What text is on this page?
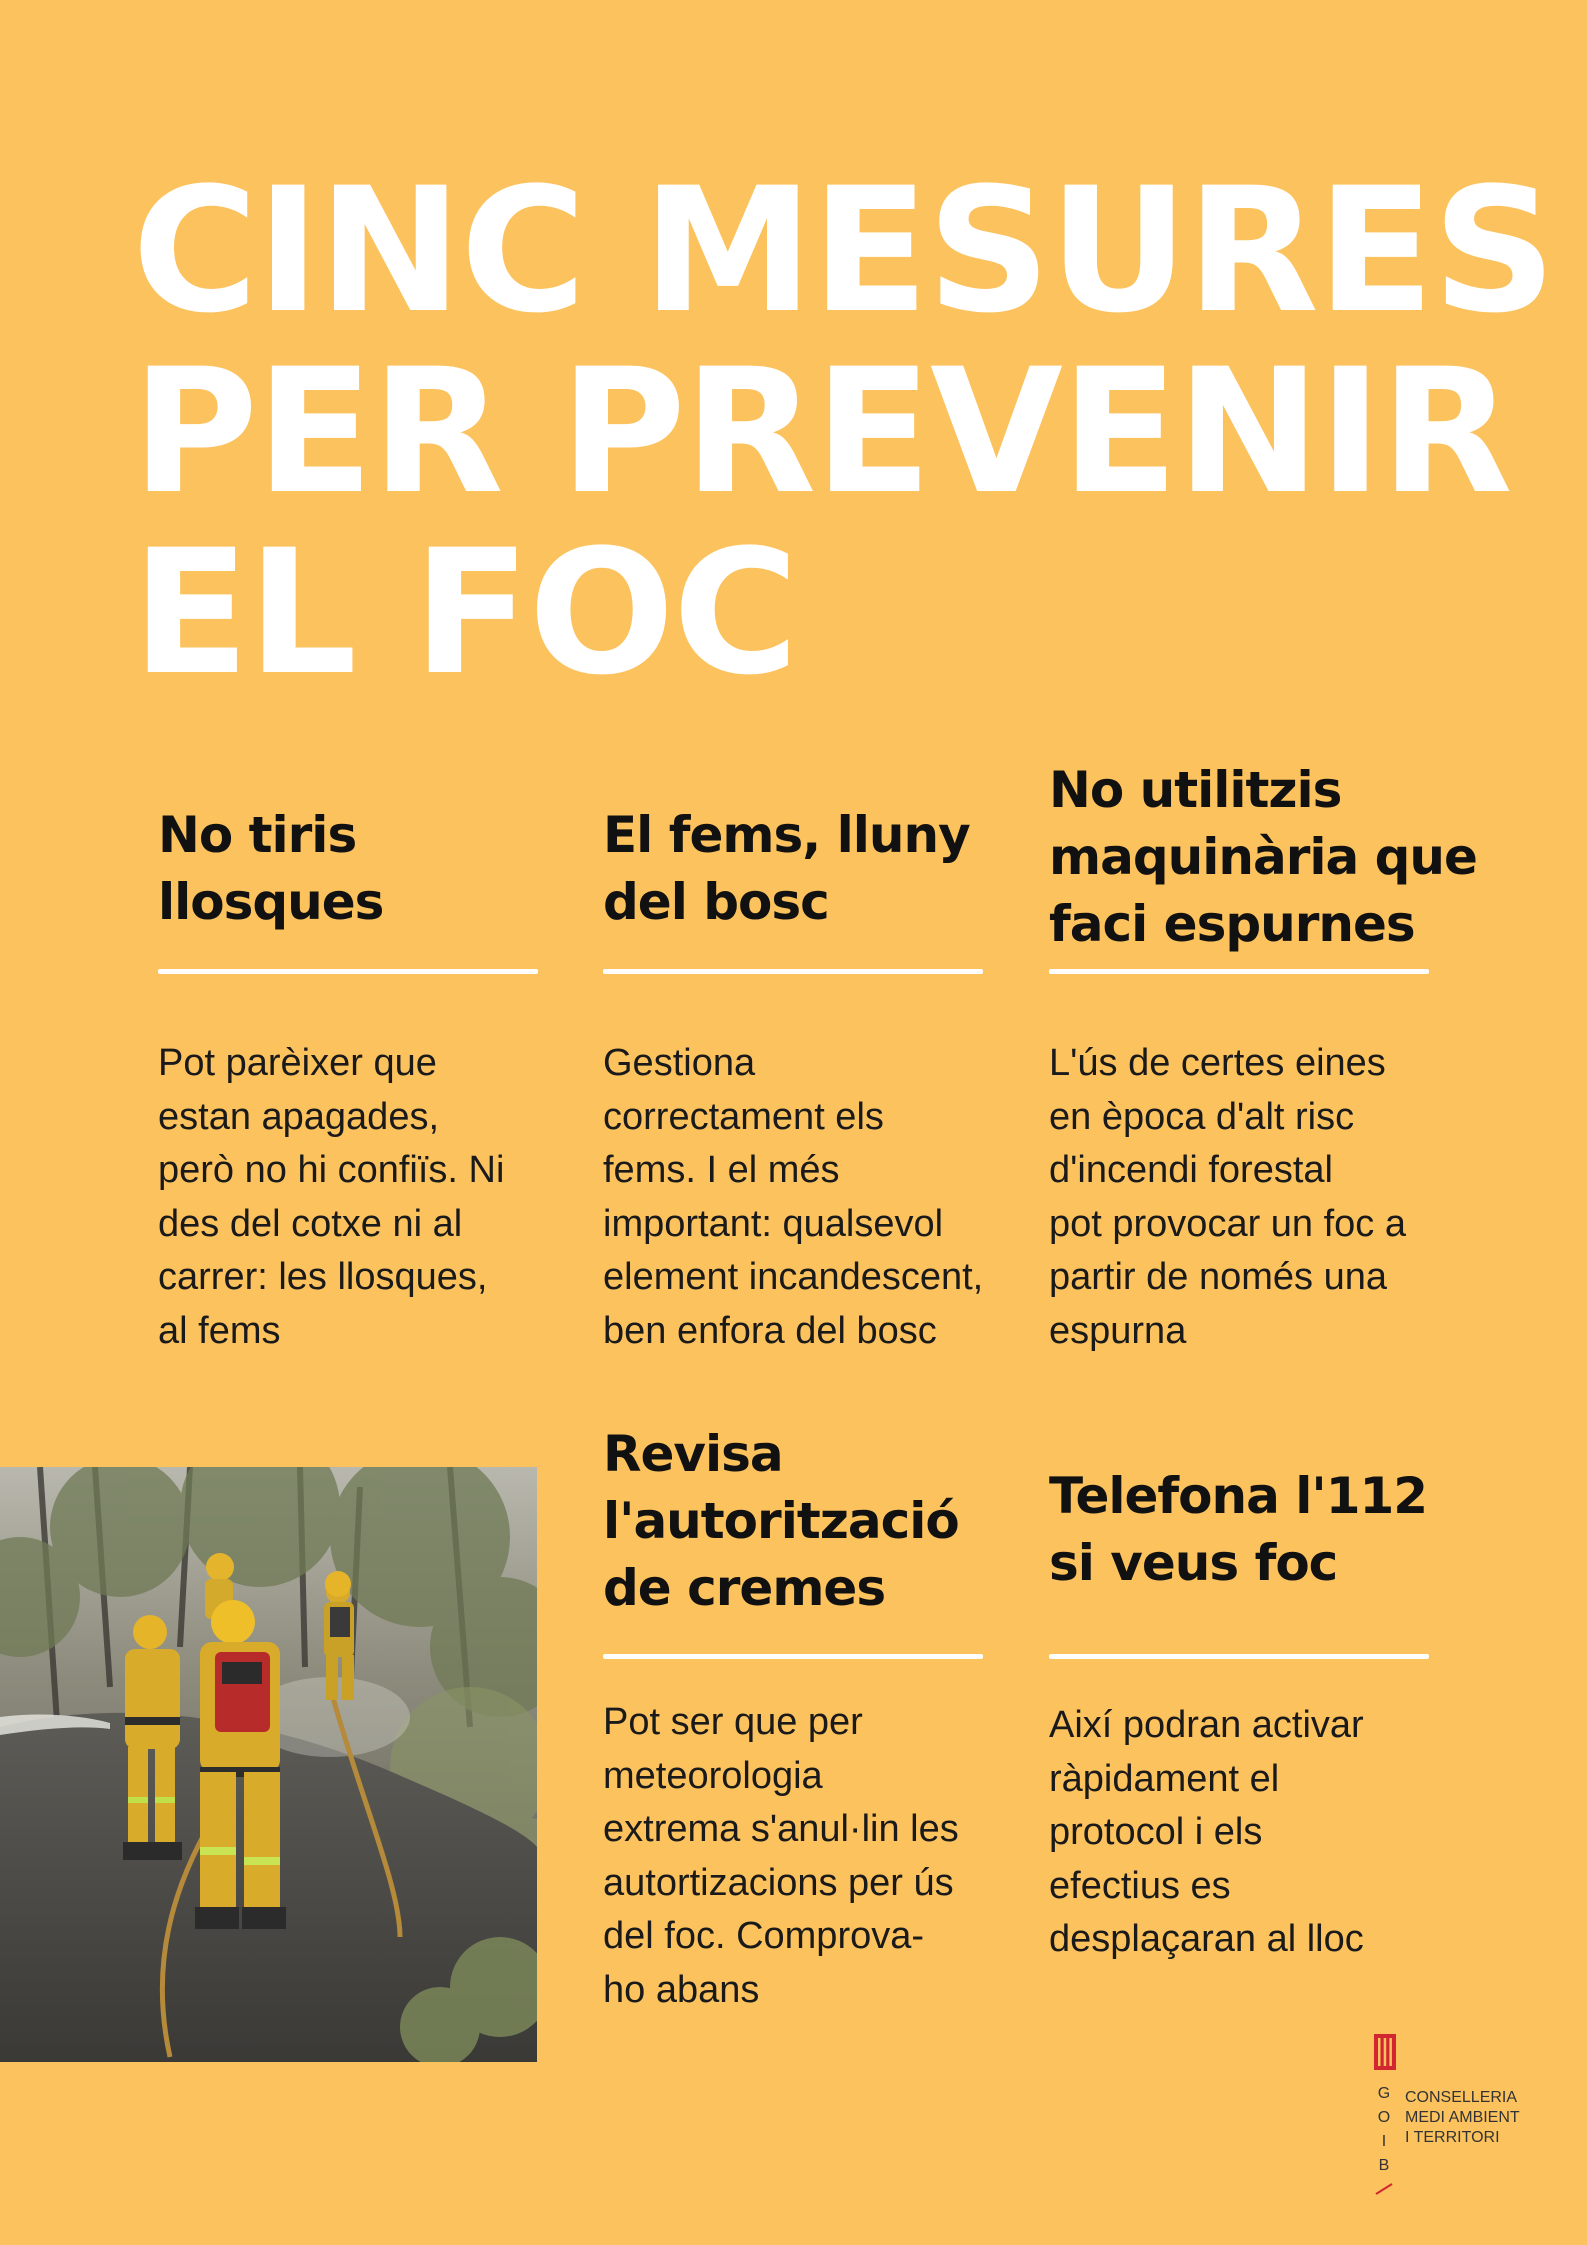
CINC MESURES
PER PREVENIR
EL FOC
No tiris
llosques

Pot parèixer que
estan apagades,
però no hi confiïs. Ni
des del cotxe ni al
carrer: les llosques,
al fems

El fems, lluny
del bosc

Gestiona
correctament els
fems. I el més
important: qualsevol
element incandescent,
ben enfora del bosc

No utilitzis
maquinària que
faci espurnes

L'ús de certes eines
en època d'alt risc
d'incendi forestal
pot provocar un foc a
partir de només una
espurna

Revisa
l'autorització
de cremes

Pot ser que per
meteorologia
extrema s'anul·lin les
autortizacions per ús
del foc. Comprova-
ho abans

Telefona l'112
si veus foc

Així podran activar
ràpidament el
protocol i els
efectius es
desplaçaran al lloc

G
O
I
B
CONSELLERIA
MEDI AMBIENT
I TERRITORI
